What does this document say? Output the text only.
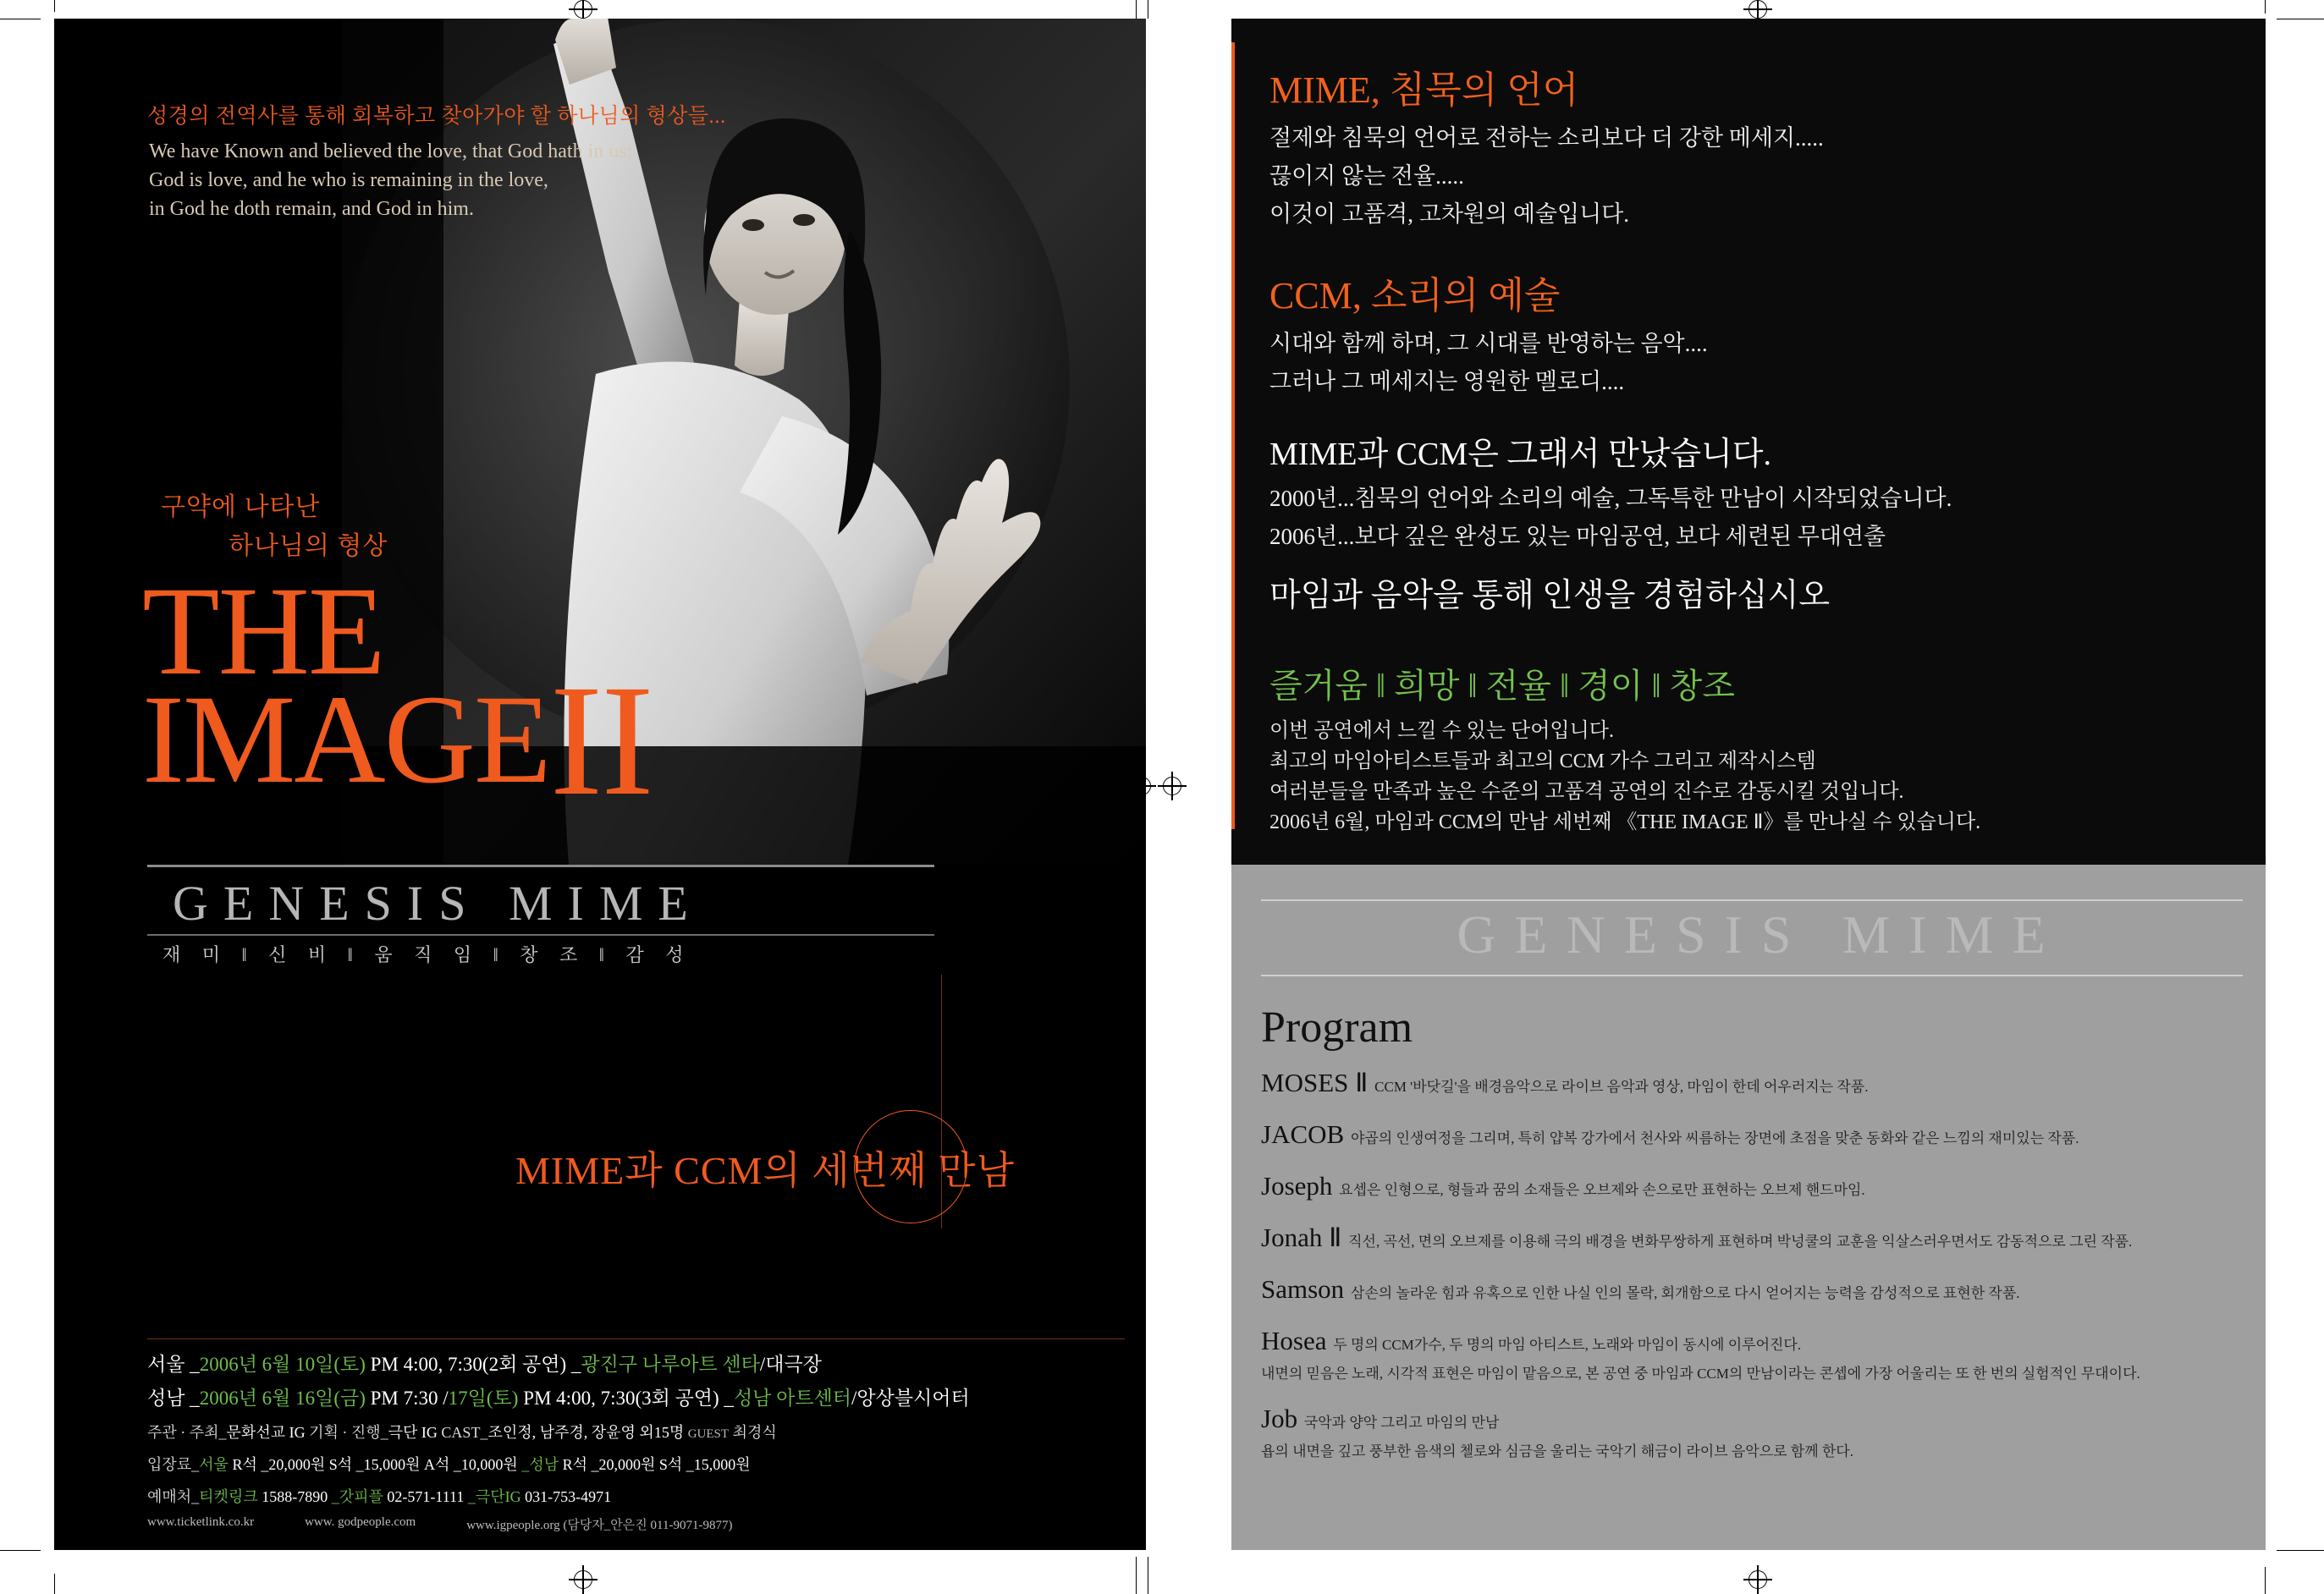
성경의 전역사를 통해 회복하고 찾아가야 할 하나님의 형상들...
We have Known and believed the love, that God hath in us;
God is love, and he who is remaining in the love,
in God he doth remain, and God in him.
구약에 나타난
하나님의 형상
THE
IMAGEII
GENESIS MIME
재 미 ‖ 신 비 ‖ 움 직 임 ‖ 창 조 ‖ 감 성
MIME과 CCM의 세번째 만남
서울 _2006년 6월 10일(토) PM 4:00, 7:30(2회 공연) _광진구 나루아트 센타/대극장
성남 _2006년 6월 16일(금) PM 7:30 /17일(토) PM 4:00, 7:30(3회 공연) _성남 아트센터/앙상블시어터
주관 · 주최_문화선교 IG 기획 · 진행_극단 IG CAST_조인정, 남주경, 장윤영 외15명 GUEST 최경식
입장료_서울 R석 _20,000원 S석 _15,000원 A석 _10,000원 _성남 R석 _20,000원 S석 _15,000원
예매처_티켓링크 1588-7890 _갓피플 02-571-1111 _극단IG 031-753-4971
www.ticketlink.co.kr	www. godpeople.com	www.igpeople.org (담당자_안은진 011-9071-9877)
MIME, 침묵의 언어

절제와 침묵의 언어로 전하는 소리보다 더 강한 메세지.....

끊이지 않는 전율.....

이것이 고품격, 고차원의 예술입니다.

CCM, 소리의 예술

시대와 함께 하며, 그 시대를 반영하는 음악....

그러나 그 메세지는 영원한 멜로디....

MIME과 CCM은 그래서 만났습니다.

2000년...침묵의 언어와 소리의 예술, 그독특한 만남이 시작되었습니다.

2006년...보다 깊은 완성도 있는 마임공연, 보다 세련된 무대연출

마임과 음악을 통해 인생을 경험하십시오
즐거움 ‖ 희망 ‖ 전율 ‖ 경이 ‖ 창조

이번 공연에서 느낄 수 있는 단어입니다.

최고의 마임아티스트들과 최고의 CCM 가수 그리고 제작시스템

여러분들을 만족과 높은 수준의 고품격 공연의 진수로 감동시킬 것입니다.

2006년 6월, 마임과 CCM의 만남 세번째 《THE IMAGE Ⅱ》를 만나실 수 있습니다.

GENESIS MIME
Program
MOSES Ⅱ CCM '바닷길'을 배경음악으로 라이브 음악과 영상, 마임이 한데 어우러지는 작품.
JACOB 야곱의 인생여정을 그리며, 특히 얍복 강가에서 천사와 씨름하는 장면에 초점을 맞춘 동화와 같은 느낌의 재미있는 작품.
Joseph 요셉은 인형으로, 형들과 꿈의 소재들은 오브제와 손으로만 표현하는 오브제 핸드마임.
Jonah Ⅱ 직선, 곡선, 면의 오브제를 이용해 극의 배경을 변화무쌍하게 표현하며 박넝쿨의 교훈을 익살스러우면서도 감동적으로 그린 작품.
Samson 삼손의 놀라운 힘과 유혹으로 인한 나실 인의 몰락, 회개함으로 다시 얻어지는 능력을 감성적으로 표현한 작품.
Hosea 두 명의 CCM가수, 두 명의 마임 아티스트, 노래와 마임이 동시에 이루어진다.
내면의 믿음은 노래, 시각적 표현은 마임이 맡음으로, 본 공연 중 마임과 CCM의 만남이라는 콘셉에 가장 어울리는 또 한 번의 실험적인 무대이다.
Job 국악과 양악 그리고 마임의 만남
욥의 내면을 깊고 풍부한 음색의 첼로와 심금을 울리는 국악기 해금이 라이브 음악으로 함께 한다.
